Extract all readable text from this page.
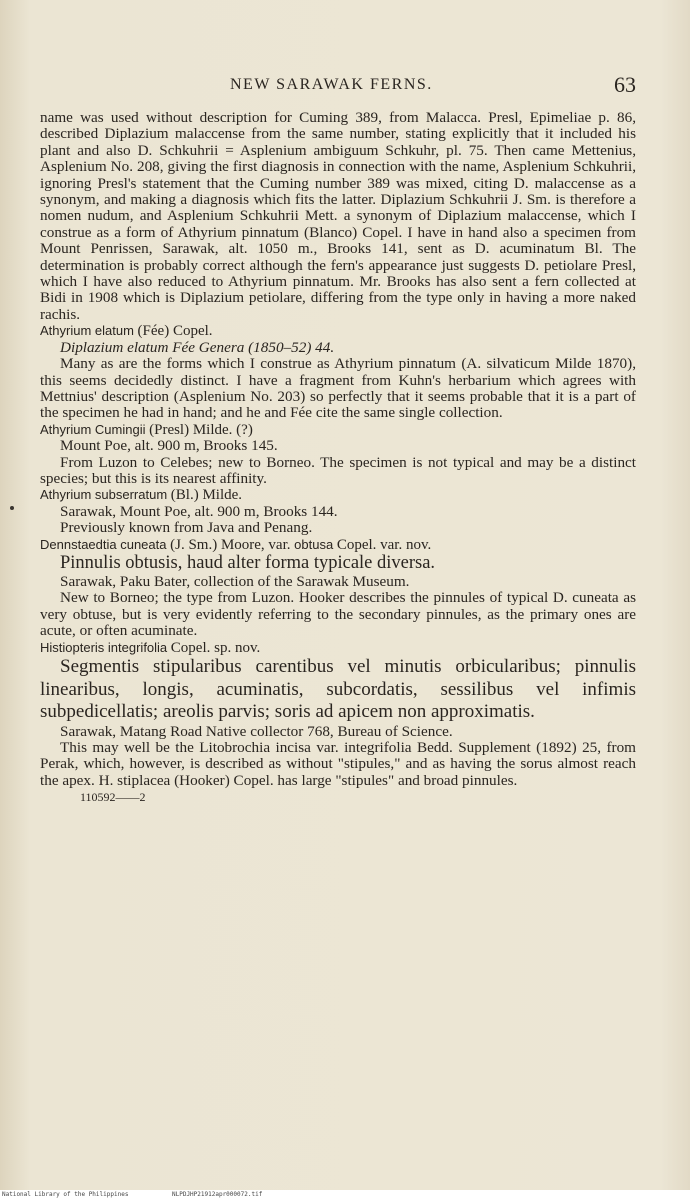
NEW SARAWAK FERNS.	63

name was used without description for Cuming 389, from Malacca. Presl, Epimeliae p. 86, described Diplazium malaccense from the same number, stating explicitly that it included his plant and also D. Schkuhrii = Asplenium ambiguum Schkuhr, pl. 75. Then came Mettenius, Asplenium No. 208, giving the first diagnosis in connection with the name, Asplenium Schkuhrii, ignoring Presl's statement that the Cuming number 389 was mixed, citing D. malaccense as a synonym, and making a diagnosis which fits the latter. Diplazium Schkuhrii J. Sm. is therefore a nomen nudum, and Asplenium Schkuhrii Mett. a synonym of Diplazium malaccense, which I construe as a form of Athyrium pinnatum (Blanco) Copel. I have in hand also a specimen from Mount Penrissen, Sarawak, alt. 1050 m., Brooks 141, sent as D. acuminatum Bl. The determination is probably correct although the fern's appearance just suggests D. petiolare Presl, which I have also reduced to Athyrium pinnatum. Mr. Brooks has also sent a fern collected at Bidi in 1908 which is Diplazium petiolare, differing from the type only in having a more naked rachis.

Athyrium elatum (Fée) Copel.

Diplazium elatum Fée Genera (1850–52) 44.

Many as are the forms which I construe as Athyrium pinnatum (A. silvaticum Milde 1870), this seems decidedly distinct. I have a fragment from Kuhn's herbarium which agrees with Mettnius' description (Asplenium No. 203) so perfectly that it seems probable that it is a part of the specimen he had in hand; and he and Fée cite the same single collection.

Athyrium Cumingii (Presl) Milde. (?)

Mount Poe, alt. 900 m, Brooks 145.

From Luzon to Celebes; new to Borneo. The specimen is not typical and may be a distinct species; but this is its nearest affinity.

Athyrium subserratum (Bl.) Milde.

Sarawak, Mount Poe, alt. 900 m, Brooks 144.

Previously known from Java and Penang.

Dennstaedtia cuneata (J. Sm.) Moore, var. obtusa Copel. var. nov.

Pinnulis obtusis, haud alter forma typicale diversa.

Sarawak, Paku Bater, collection of the Sarawak Museum.

New to Borneo; the type from Luzon. Hooker describes the pinnules of typical D. cuneata as very obtuse, but is very evidently referring to the secondary pinnules, as the primary ones are acute, or often acuminate.

Histiopteris integrifolia Copel. sp. nov.

Segmentis stipularibus carentibus vel minutis orbicularibus; pinnulis linearibus, longis, acuminatis, subcordatis, sessilibus vel infimis subpedicellatis; areolis parvis; soris ad apicem non approximatis.

Sarawak, Matang Road Native collector 768, Bureau of Science.

This may well be the Litobrochia incisa var. integrifolia Bedd. Supplement (1892) 25, from Perak, which, however, is described as without "stipules," and as having the sorus almost reach the apex. H. stiplacea (Hooker) Copel. has large "stipules" and broad pinnules.

110592——2

National Library of the Philippines	NLPDJHP21912apr000072.tif
